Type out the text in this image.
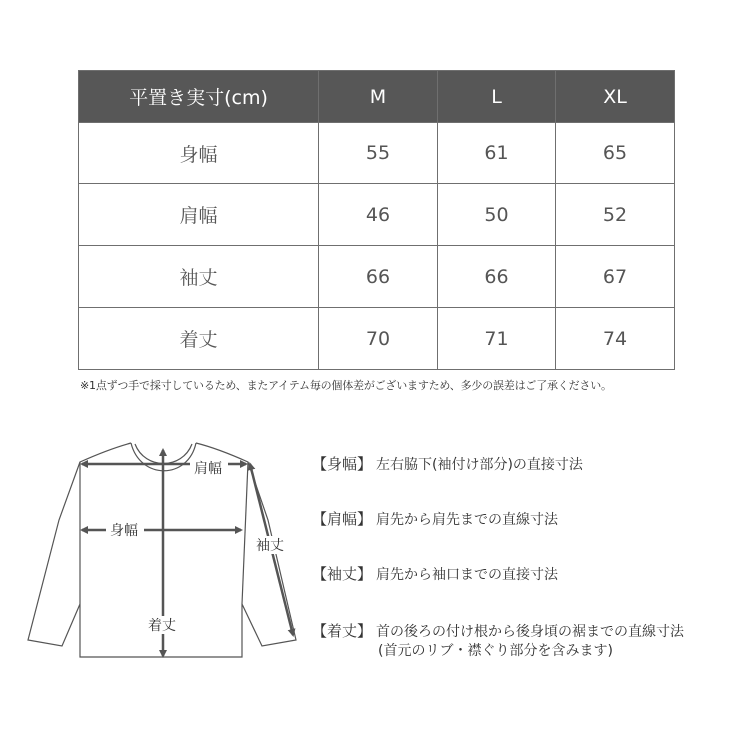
平置き実寸(cm)	M	L	XL
身幅	55	61	65
肩幅	46	50	52
袖丈	66	66	67
着丈	70	71	74
※1点ずつ手で採寸しているため、またアイテム毎の個体差がございますため、多少の誤差はご了承ください。
肩幅
身幅
袖丈
着丈
【身幅】 左右脇下(袖付け部分)の直接寸法
【肩幅】 肩先から肩先までの直線寸法
【袖丈】 肩先から袖口までの直接寸法
【着丈】 首の後ろの付け根から後身頃の裾までの直線寸法
(首元のリブ・襟ぐり部分を含みます)
